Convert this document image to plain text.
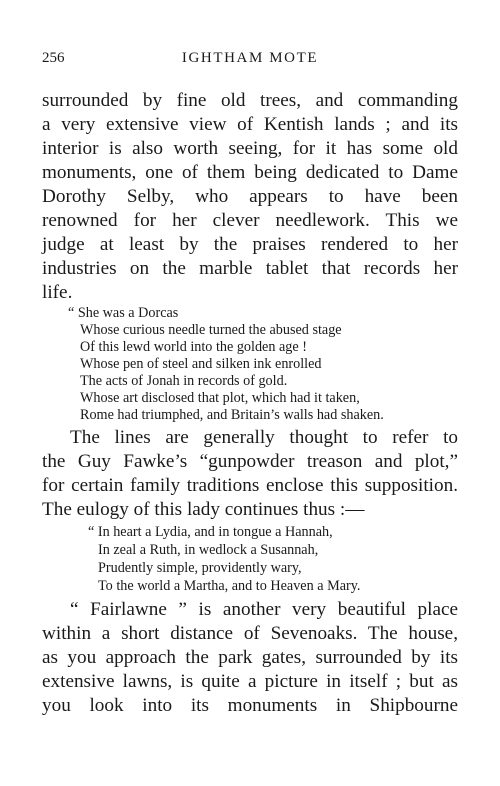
256	IGHTHAM MOTE
surrounded by fine old trees, and commanding
a very extensive view of Kentish lands ; and its
interior is also worth seeing, for it has some old
monuments, one of them being dedicated to Dame
Dorothy Selby, who appears to have been
renowned for her clever needlework. This we
judge at least by the praises rendered to her
industries on the marble tablet that records her
life.
“ She was a Dorcas
Whose curious needle turned the abused stage
Of this lewd world into the golden age !
Whose pen of steel and silken ink enrolled
The acts of Jonah in records of gold.
Whose art disclosed that plot, which had it taken,
Rome had triumphed, and Britain’s walls had shaken.
The lines are generally thought to refer to
the Guy Fawke’s “gunpowder treason and plot,”
for certain family traditions enclose this supposition.
The eulogy of this lady continues thus :—
“ In heart a Lydia, and in tongue a Hannah,
In zeal a Ruth, in wedlock a Susannah,
Prudently simple, providently wary,
To the world a Martha, and to Heaven a Mary.
“ Fairlawne ” is another very beautiful place
within a short distance of Sevenoaks. The house,
as you approach the park gates, surrounded by its
extensive lawns, is quite a picture in itself ; but as
you look into its monuments in Shipbourne
